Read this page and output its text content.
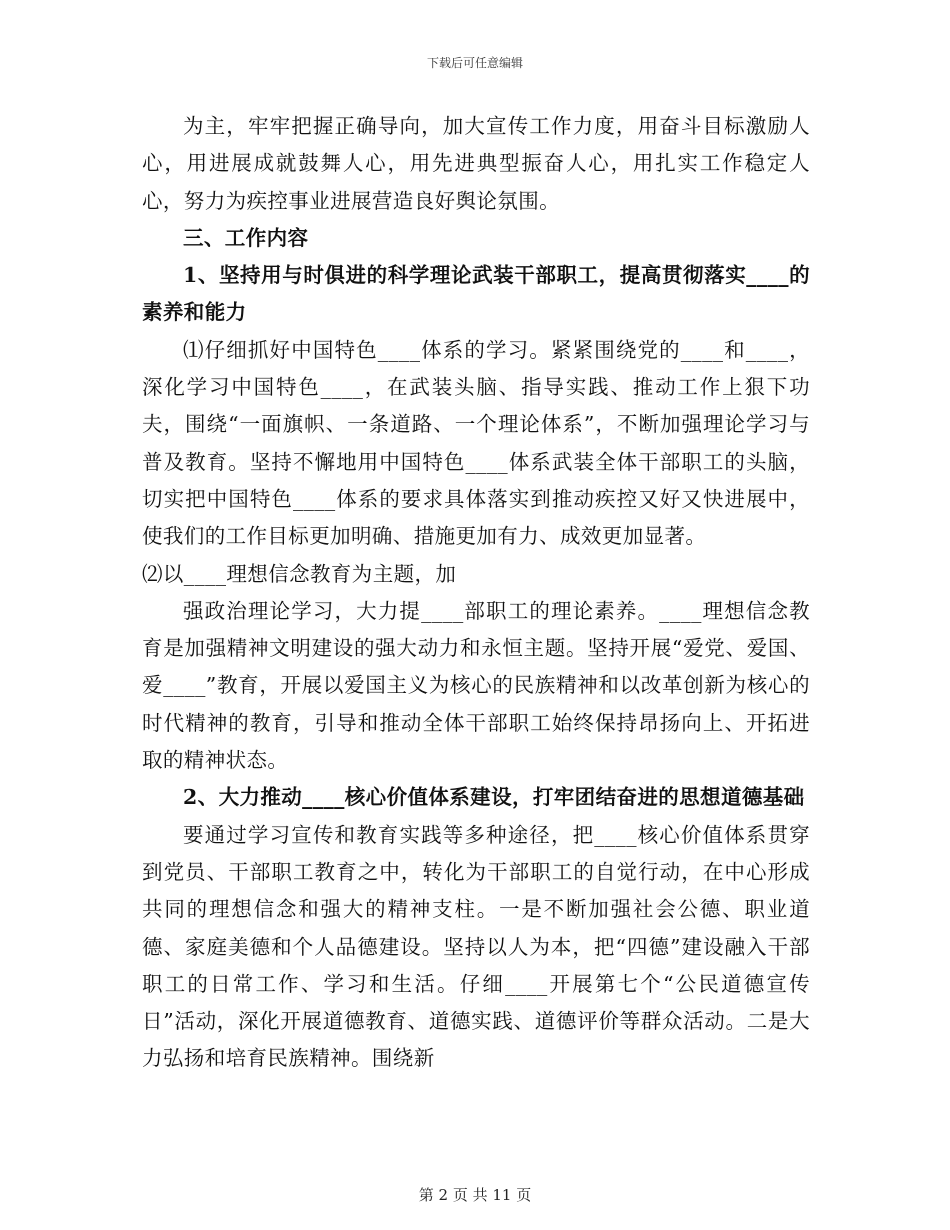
下载后可任意编辑

为主，牢牢把握正确导向，加大宣传工作力度，用奋斗目标激励人心，用进展成就鼓舞人心，用先进典型振奋人心，用扎实工作稳定人心，努力为疾控事业进展营造良好舆论氛围。

三、工作内容

1、坚持用与时俱进的科学理论武装干部职工，提高贯彻落实____的素养和能力

⑴仔细抓好中国特色____体系的学习。紧紧围绕党的____和____，深化学习中国特色____，在武装头脑、指导实践、推动工作上狠下功夫，围绕“一面旗帜、一条道路、一个理论体系”，不断加强理论学习与普及教育。坚持不懈地用中国特色____体系武装全体干部职工的头脑，切实把中国特色____体系的要求具体落实到推动疾控又好又快进展中，使我们的工作目标更加明确、措施更加有力、成效更加显著。

⑵以____理想信念教育为主题，加

强政治理论学习，大力提____部职工的理论素养。____理想信念教育是加强精神文明建设的强大动力和永恒主题。坚持开展“爱党、爱国、爱____”教育，开展以爱国主义为核心的民族精神和以改革创新为核心的时代精神的教育，引导和推动全体干部职工始终保持昂扬向上、开拓进取的精神状态。

2、大力推动____核心价值体系建设，打牢团结奋进的思想道德基础

要通过学习宣传和教育实践等多种途径，把____核心价值体系贯穿到党员、干部职工教育之中，转化为干部职工的自觉行动，在中心形成共同的理想信念和强大的精神支柱。一是不断加强社会公德、职业道德、家庭美德和个人品德建设。坚持以人为本，把“四德”建设融入干部职工的日常工作、学习和生活。仔细____开展第七个“公民道德宣传日”活动，深化开展道德教育、道德实践、道德评价等群众活动。二是大力弘扬和培育民族精神。围绕新

第 2 页 共 11 页
